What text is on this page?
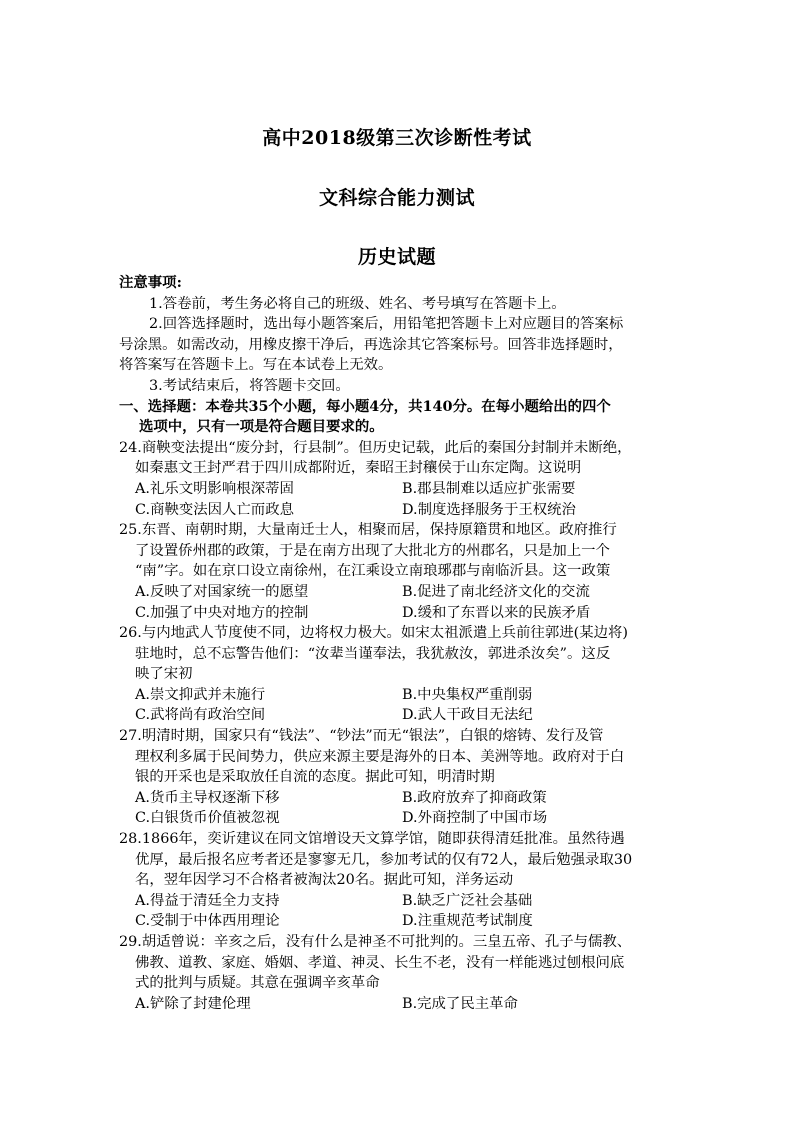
高中2018级第三次诊断性考试
文科综合能力测试
历史试题
注意事项:
1.答卷前，考生务必将自己的班级、姓名、考号填写在答题卡上。
2.回答选择题时，选出每小题答案后，用铅笔把答题卡上对应题目的答案标
号涂黑。如需改动，用橡皮擦干净后，再选涂其它答案标号。回答非选择题时，
将答案写在答题卡上。写在本试卷上无效。
3.考试结束后，将答题卡交回。
一、选择题：本卷共35个小题，每小题4分，共140分。在每小题给出的四个
选项中，只有一项是符合题目要求的。
24.商鞅变法提出“废分封，行县制”。但历史记载，此后的秦国分封制并未断绝，
如秦惠文王封严君于四川成都附近，秦昭王封穰侯于山东定陶。这说明
A.礼乐文明影响根深蒂固	B.郡县制难以适应扩张需要
C.商鞅变法因人亡而政息	D.制度选择服务于王权统治
25.东晋、南朝时期，大量南迁士人，相聚而居，保持原籍贯和地区。政府推行
了设置侨州郡的政策，于是在南方出现了大批北方的州郡名，只是加上一个
“南”字。如在京口设立南徐州，在江乘设立南琅琊郡与南临沂县。这一政策
A.反映了对国家统一的愿望	B.促进了南北经济文化的交流
C.加强了中央对地方的控制	D.缓和了东晋以来的民族矛盾
26.与内地武人节度使不同，边将权力极大。如宋太祖派遣上兵前往郭进(某边将)
驻地时，总不忘警告他们：“汝辈当谨奉法，我犹赦汝，郭进杀汝矣”。这反
映了宋初
A.崇文抑武并未施行	B.中央集权严重削弱
C.武将尚有政治空间	D.武人干政目无法纪
27.明清时期，国家只有“钱法”、“钞法”而无“银法”，白银的熔铸、发行及管
理权利多属于民间势力，供应来源主要是海外的日本、美洲等地。政府对于白
银的开采也是采取放任自流的态度。据此可知，明清时期
A.货币主导权逐渐下移	B.政府放弃了抑商政策
C.白银货币价值被忽视	D.外商控制了中国市场
28.1866年，奕䜣建议在同文馆增设天文算学馆，随即获得清廷批准。虽然待遇
优厚，最后报名应考者还是寥寥无几，参加考试的仅有72人，最后勉强录取30
名，翌年因学习不合格者被淘汰20名。据此可知，洋务运动
A.得益于清廷全力支持	B.缺乏广泛社会基础
C.受制于中体西用理论	D.注重规范考试制度
29.胡适曾说：辛亥之后，没有什么是神圣不可批判的。三皇五帝、孔子与儒教、
佛教、道教、家庭、婚姻、孝道、神灵、长生不老，没有一样能逃过刨根问底
式的批判与质疑。其意在强调辛亥革命
A.铲除了封建伦理	B.完成了民主革命
